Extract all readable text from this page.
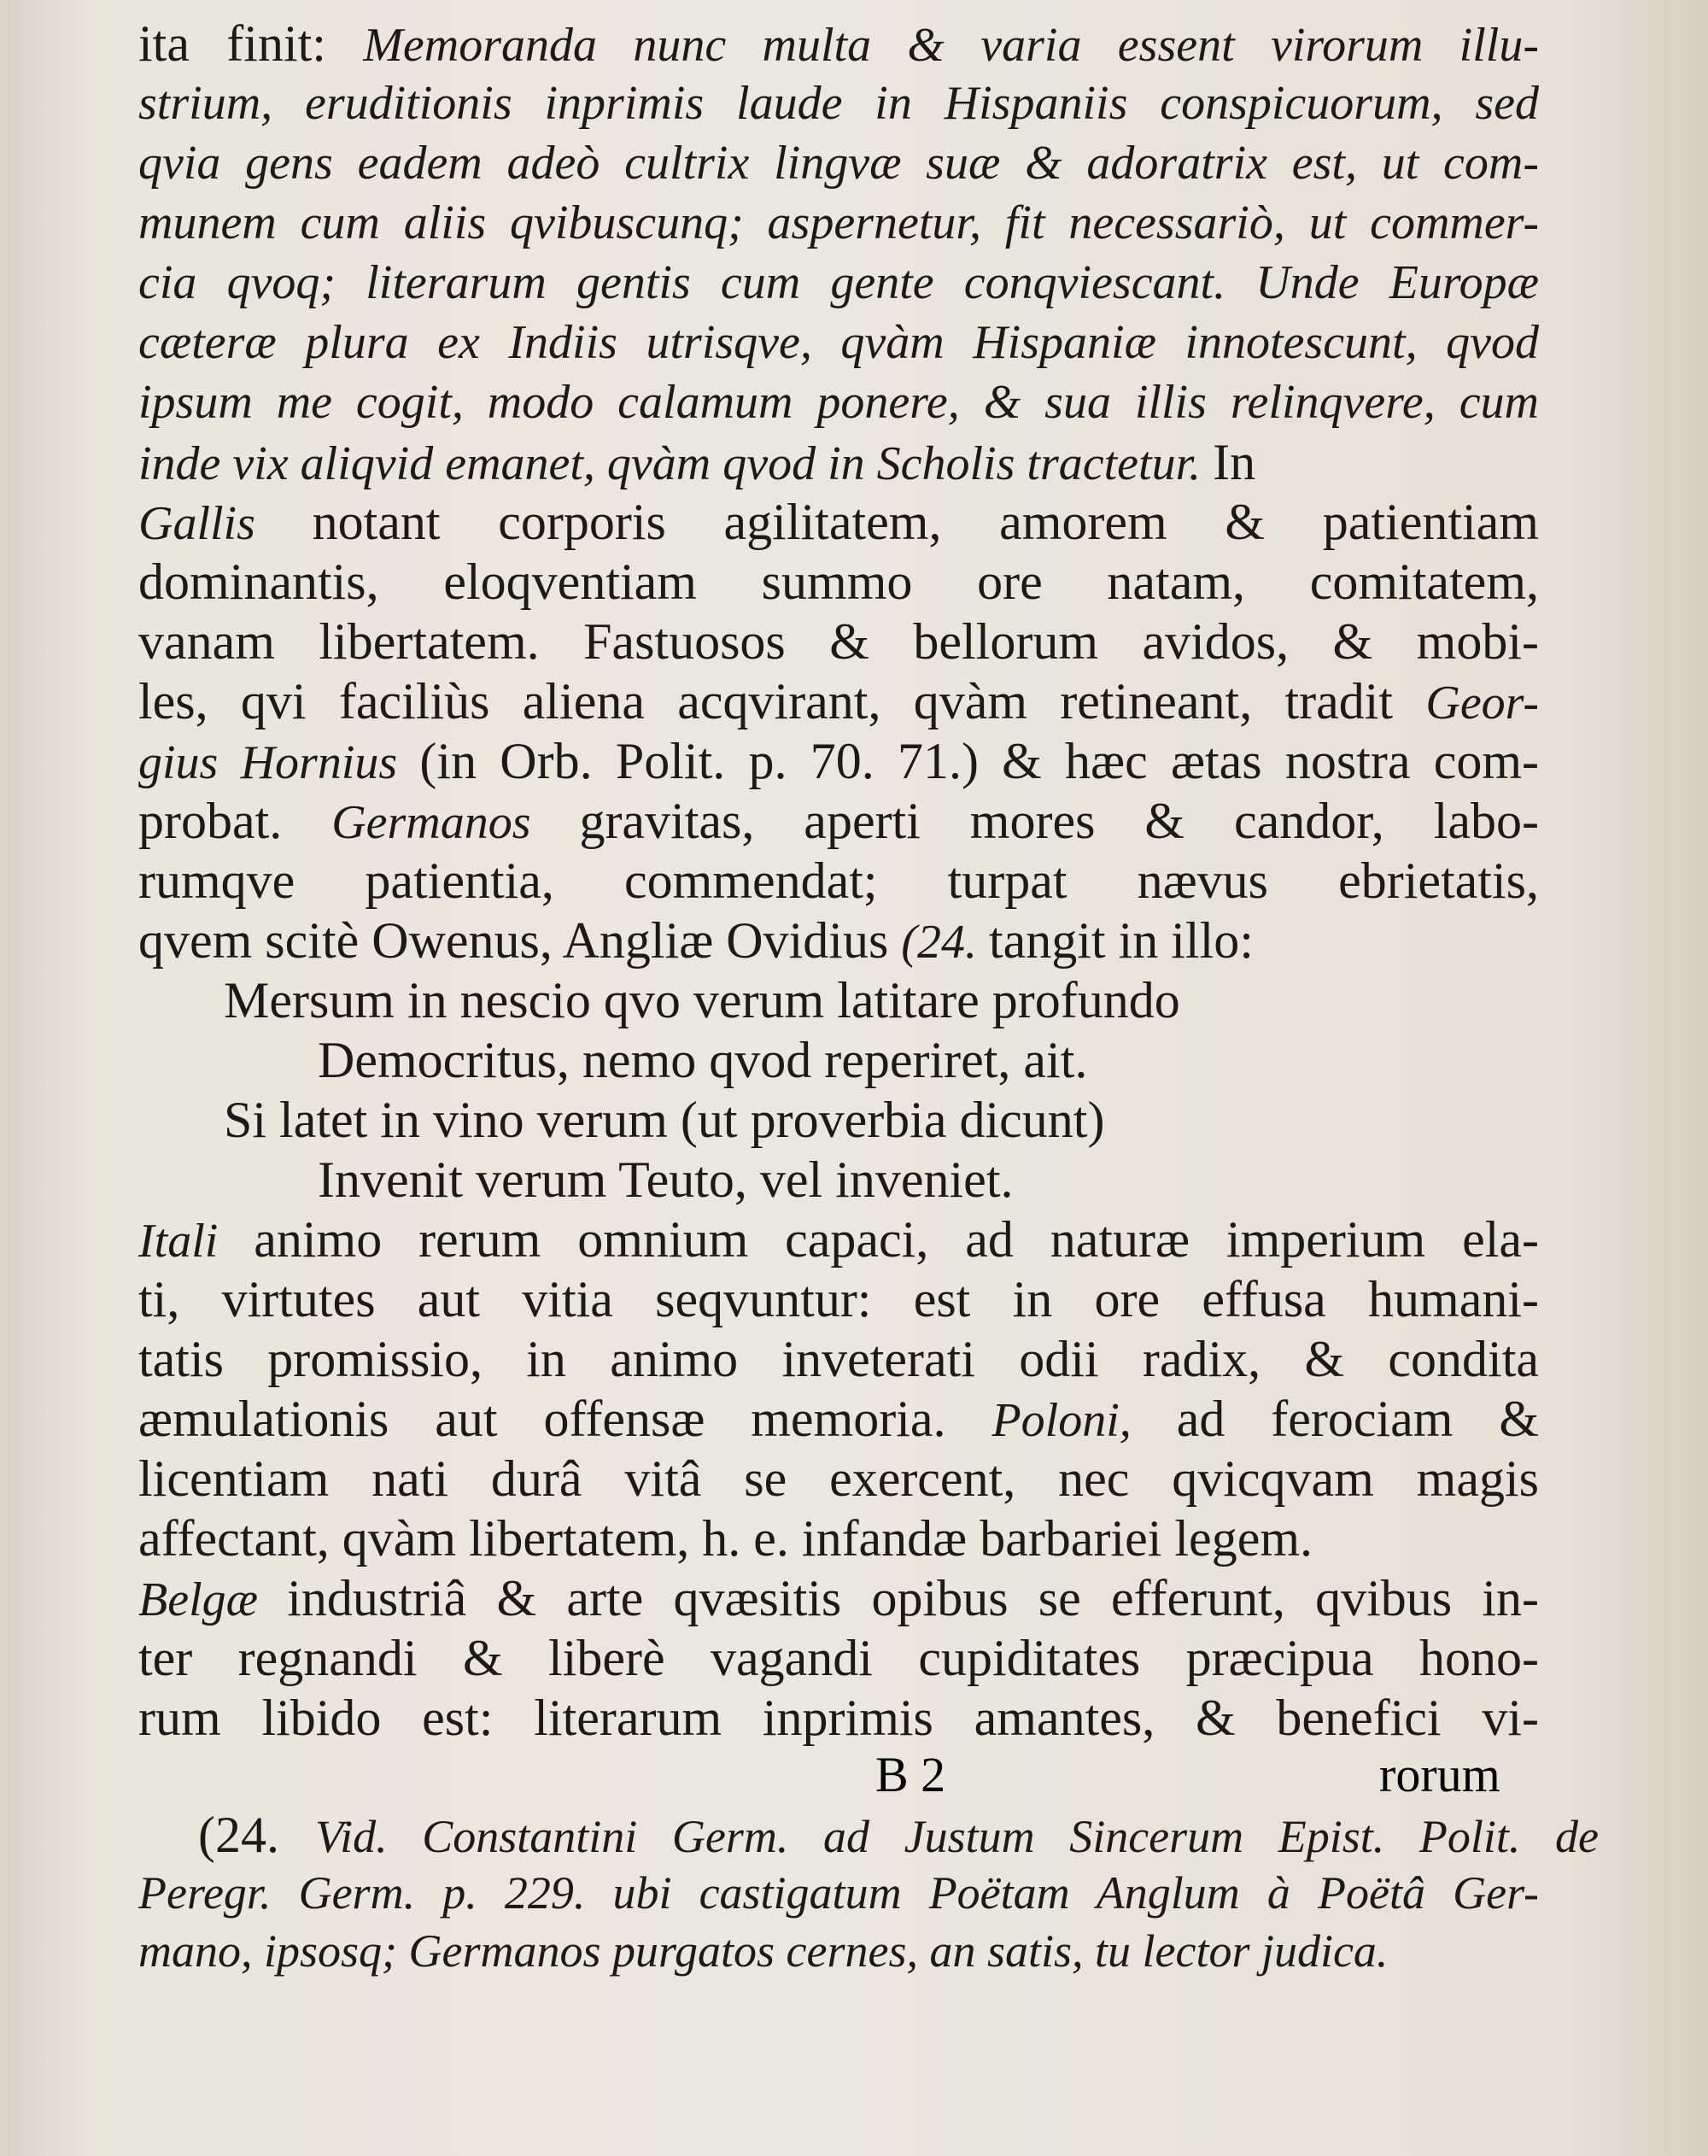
ita finit: Memoranda nunc multa & varia essent virorum illu-
strium, eruditionis inprimis laude in Hispaniis conspicuorum, sed
qvia gens eadem adeò cultrix lingvæ suæ & adoratrix est, ut com-
munem cum aliis qvibuscunq; aspernetur, fit necessariò, ut commer-
cia qvoq; literarum gentis cum gente conqviescant. Unde Europæ
cæteræ plura ex Indiis utrisqve, qvàm Hispaniæ innotescunt, qvod
ipsum me cogit, modo calamum ponere, & sua illis relinqvere, cum
inde vix aliqvid emanet, qvàm qvod in Scholis tractetur. In
Gallis notant corporis agilitatem, amorem & patientiam
dominantis, eloqventiam summo ore natam, comitatem,
vanam libertatem. Fastuosos & bellorum avidos, & mobi-
les, qvi faciliùs aliena acqvirant, qvàm retineant, tradit Geor-
gius Hornius (in Orb. Polit. p. 70. 71.) & hæc ætas nostra com-
probat. Germanos gravitas, aperti mores & candor, labo-
rumqve patientia, commendat; turpat nævus ebrietatis,
qvem scitè Owenus, Angliæ Ovidius (24. tangit in illo:
Mersum in nescio qvo verum latitare profundo
Democritus, nemo qvod reperiret, ait.
Si latet in vino verum (ut proverbia dicunt)
Invenit verum Teuto, vel inveniet.
Itali animo rerum omnium capaci, ad naturæ imperium ela-
ti, virtutes aut vitia seqvuntur: est in ore effusa humani-
tatis promissio, in animo inveterati odii radix, & condita
æmulationis aut offensæ memoria. Poloni, ad ferociam &
licentiam nati durâ vitâ se exercent, nec qvicqvam magis
affectant, qvàm libertatem, h. e. infandæ barbariei legem.
Belgæ industriâ & arte qvæsitis opibus se efferunt, qvibus in-
ter regnandi & liberè vagandi cupiditates præcipua hono-
rum libido est: literarum inprimis amantes, & benefici vi-
(24. Vid. Constantini Germ. ad Justum Sincerum Epist. Polit. de
Peregr. Germ. p. 229. ubi castigatum Poëtam Anglum à Poëtâ Ger-
mano, ipsosq; Germanos purgatos cernes, an satis, tu lector judica.
B 2	rorum
